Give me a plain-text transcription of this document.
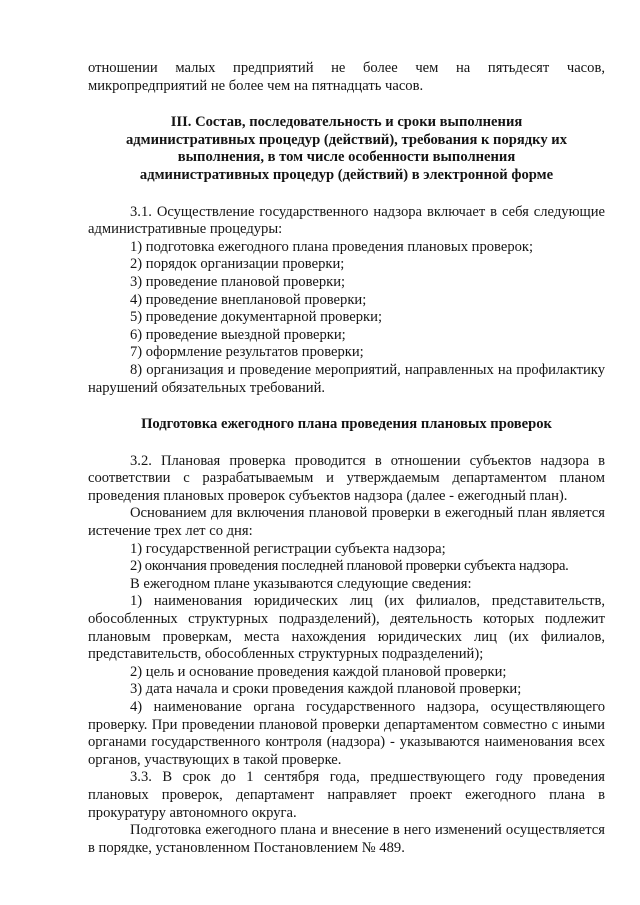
отношении малых предприятий не более чем на пятьдесят часов, микропредприятий не более чем на пятнадцать часов.

III. Состав, последовательность и сроки выполнения административных процедур (действий), требования к порядку их выполнения, в том числе особенности выполнения административных процедур (действий) в электронной форме

3.1. Осуществление государственного надзора включает в себя следующие административные процедуры:

1) подготовка ежегодного плана проведения плановых проверок;

2) порядок организации проверки;

3) проведение плановой проверки;

4) проведение внеплановой проверки;

5) проведение документарной проверки;

6) проведение выездной проверки;

7) оформление результатов проверки;

8) организация и проведение мероприятий, направленных на профилактику нарушений обязательных требований.

Подготовка ежегодного плана проведения плановых проверок

3.2. Плановая проверка проводится в отношении субъектов надзора в соответствии с разрабатываемым и утверждаемым департаментом планом проведения плановых проверок субъектов надзора (далее - ежегодный план).

Основанием для включения плановой проверки в ежегодный план является истечение трех лет со дня:

1) государственной регистрации субъекта надзора;

2) окончания проведения последней плановой проверки субъекта надзора.

В ежегодном плане указываются следующие сведения:

1) наименования юридических лиц (их филиалов, представительств, обособленных структурных подразделений), деятельность которых подлежит плановым проверкам, места нахождения юридических лиц (их филиалов, представительств, обособленных структурных подразделений);

2) цель и основание проведения каждой плановой проверки;

3) дата начала и сроки проведения каждой плановой проверки;

4) наименование органа государственного надзора, осуществляющего проверку. При проведении плановой проверки департаментом совместно с иными органами государственного контроля (надзора) - указываются наименования всех органов, участвующих в такой проверке.

3.3. В срок до 1 сентября года, предшествующего году проведения плановых проверок, департамент направляет проект ежегодного плана в прокуратуру автономного округа.

Подготовка ежегодного плана и внесение в него изменений осуществляется в порядке, установленном Постановлением № 489.
